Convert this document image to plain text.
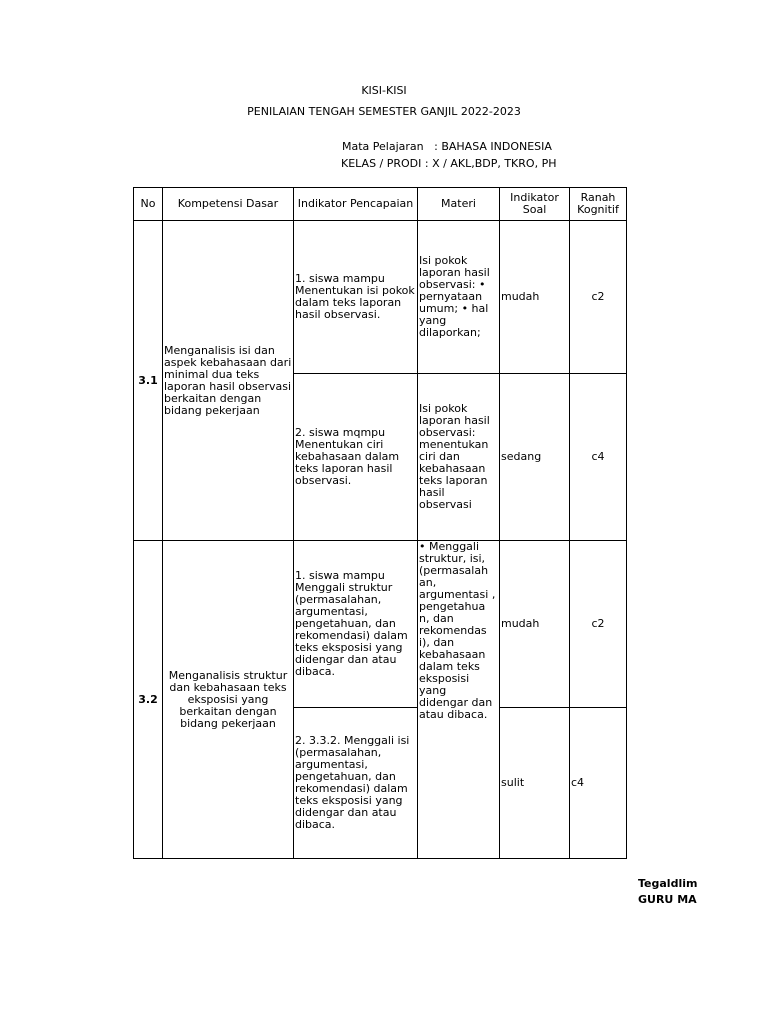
KISI-KISI
PENILAIAN TENGAH SEMESTER GANJIL 2022-2023
Mata Pelajaran : BAHASA INDONESIA
KELAS / PRODI : X / AKL,BDP, TKRO, PH
No	Kompetensi Dasar	Indikator Pencapaian	Materi	Indikator Soal	Ranah Kognitif
3.1	Menganalisis isi dan aspek kebahasaan dari minimal dua teks laporan hasil observasi berkaitan dengan bidang pekerjaan	1. siswa mampu Menentukan isi pokok dalam teks laporan hasil observasi.	Isi pokok laporan hasil observasi: • pernyataan umum; • hal yang dilaporkan;	mudah	c2
		2. siswa mqmpu Menentukan ciri kebahasaan dalam teks laporan hasil observasi.	Isi pokok laporan hasil observasi: menentukan ciri dan kebahasaan teks laporan hasil observasi	sedang	c4
3.2	Menganalisis struktur dan kebahasaan teks eksposisi yang berkaitan dengan bidang pekerjaan	1. siswa mampu Menggali struktur (permasalahan, argumentasi, pengetahuan, dan rekomendasi) dalam teks eksposisi yang didengar dan atau dibaca.	• Menggali struktur, isi, (permasalah an, argumentasi , pengetahua n, dan rekomendas i), dan kebahasaan dalam teks eksposisi yang didengar dan atau dibaca.	mudah	c2
		2. 3.3.2. Menggali isi (permasalahan, argumentasi, pengetahuan, dan rekomendasi) dalam teks eksposisi yang didengar dan atau dibaca.		sulit	c4
Tegaldlim
GURU MA
